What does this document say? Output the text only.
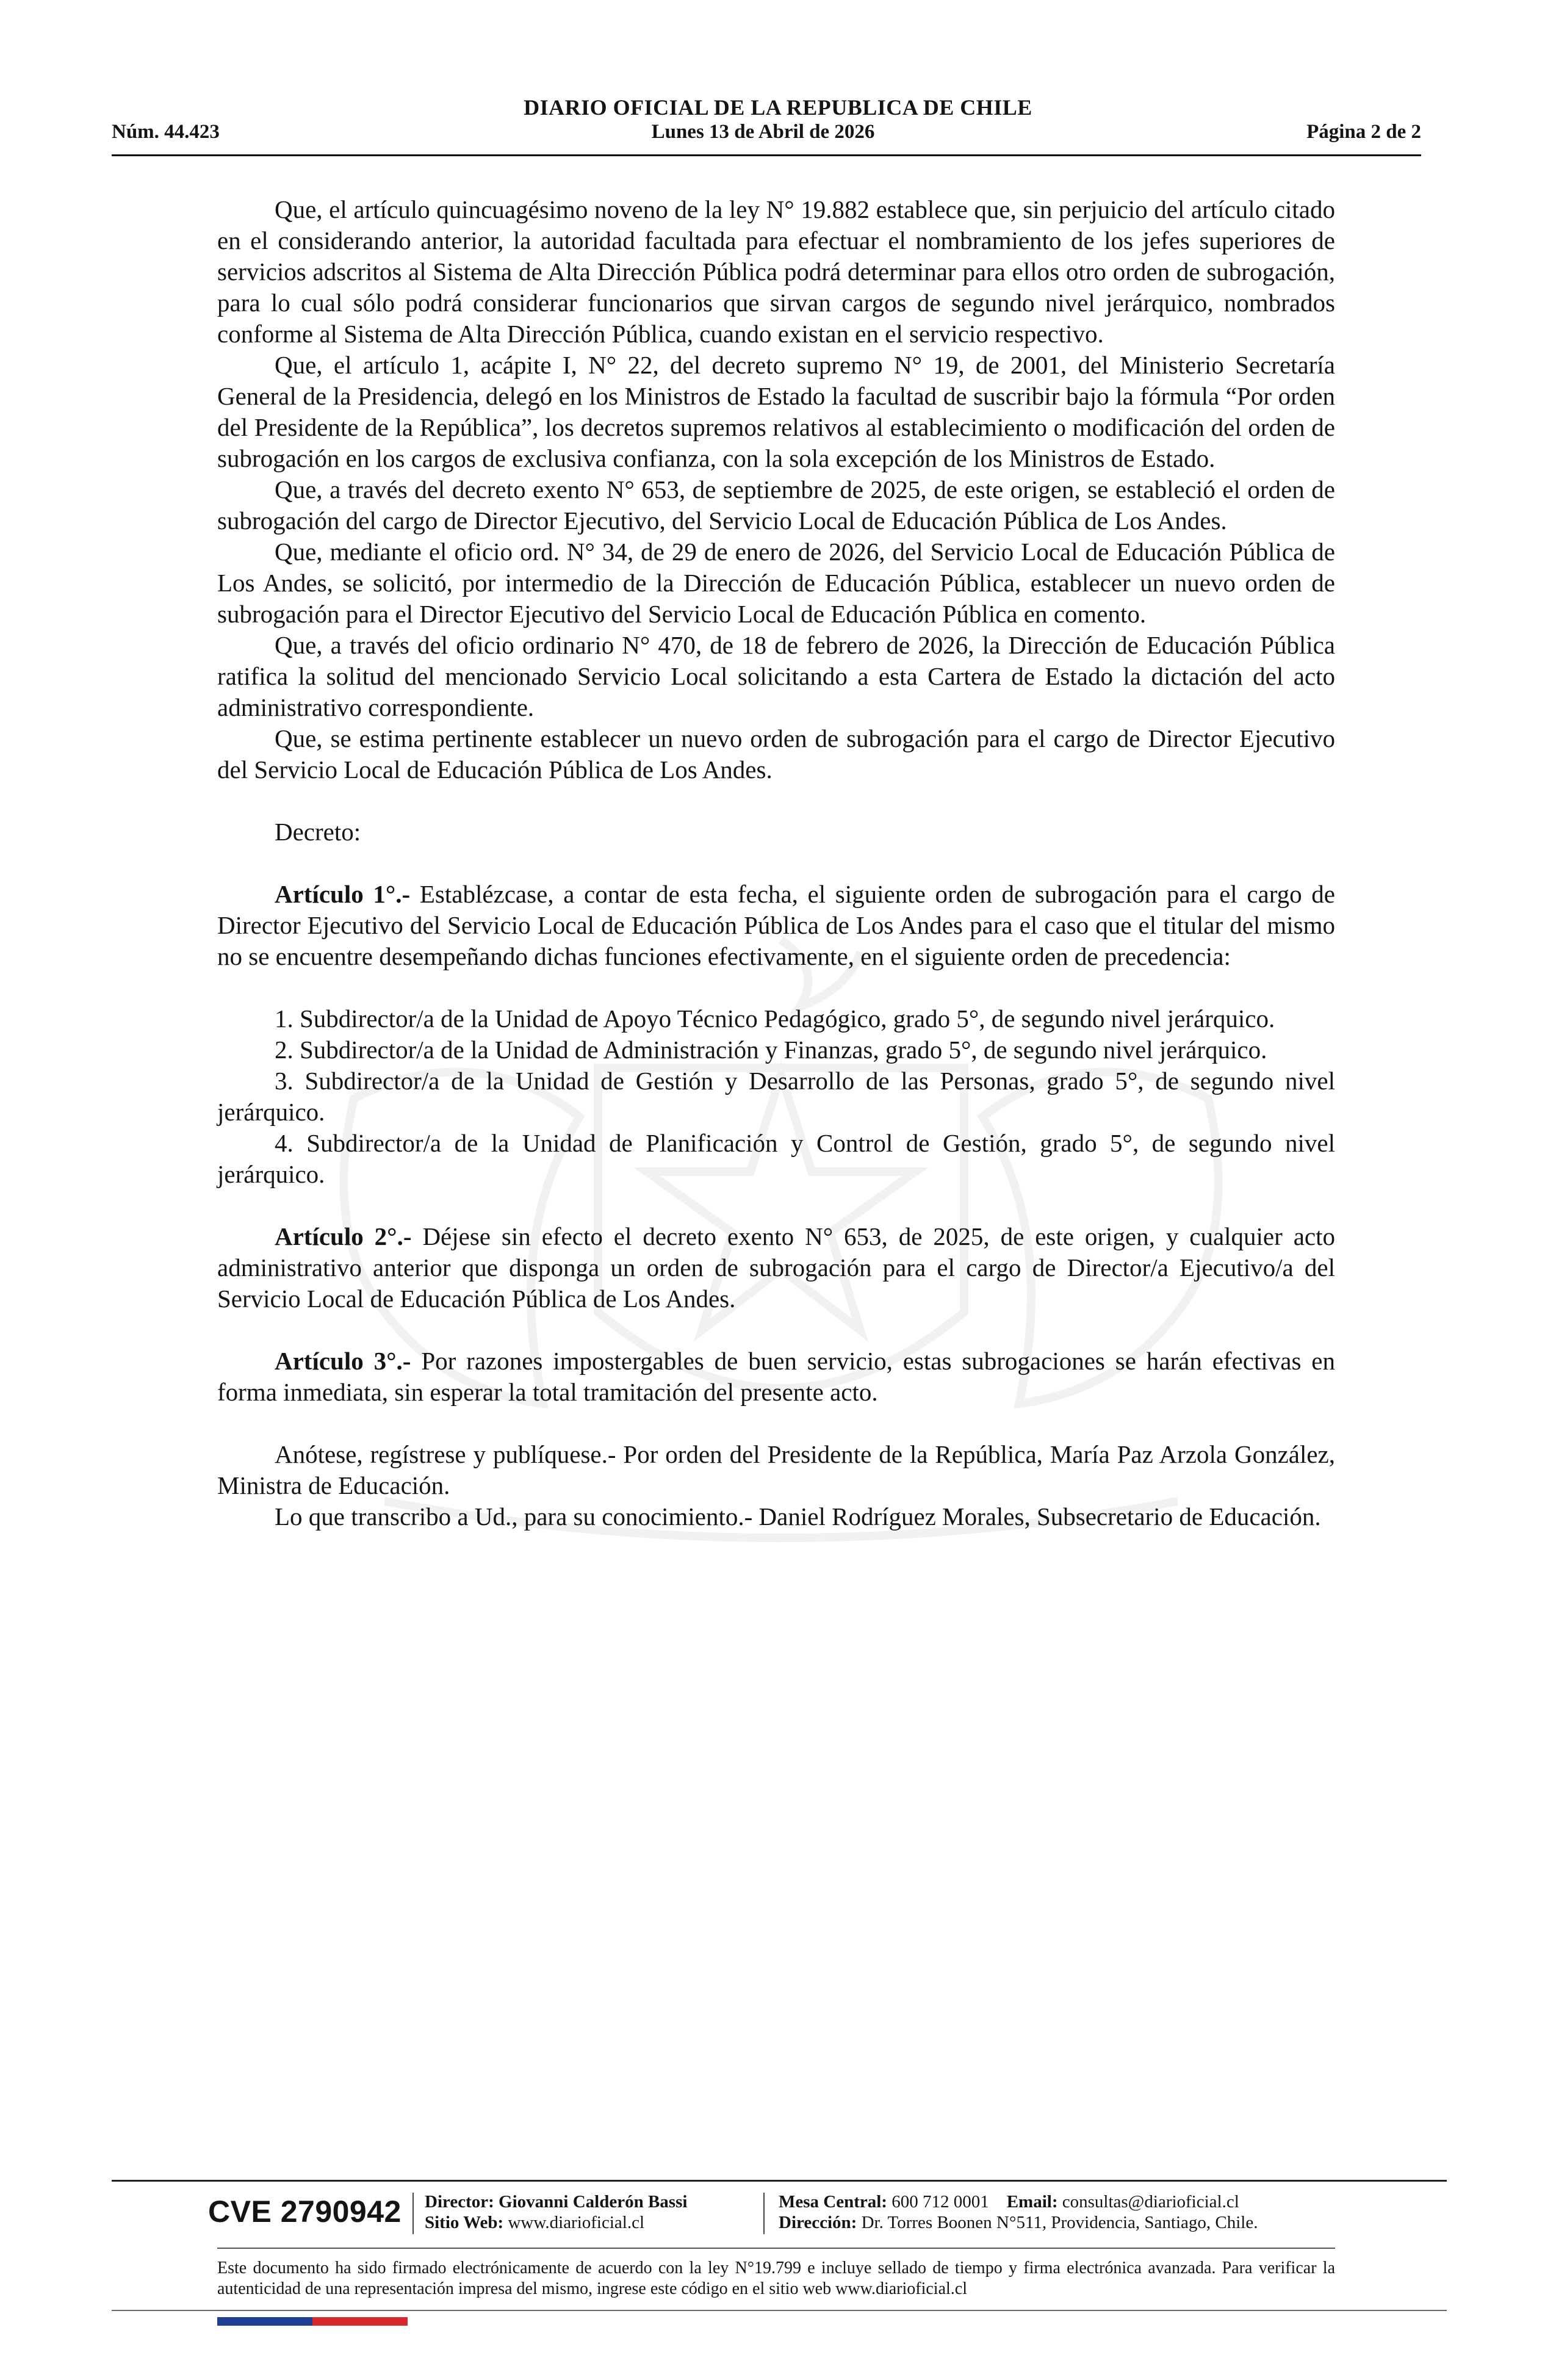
DIARIO OFICIAL DE LA REPUBLICA DE CHILE
Núm. 44.423	Lunes 13 de Abril de 2026	Página 2 de 2

Que, el artículo quincuagésimo noveno de la ley N° 19.882 establece que, sin perjuicio del artículo citado en el considerando anterior, la autoridad facultada para efectuar el nombramiento de los jefes superiores de servicios adscritos al Sistema de Alta Dirección Pública podrá determinar para ellos otro orden de subrogación, para lo cual sólo podrá considerar funcionarios que sirvan cargos de segundo nivel jerárquico, nombrados conforme al Sistema de Alta Dirección Pública, cuando existan en el servicio respectivo.

Que, el artículo 1, acápite I, N° 22, del decreto supremo N° 19, de 2001, del Ministerio Secretaría General de la Presidencia, delegó en los Ministros de Estado la facultad de suscribir bajo la fórmula “Por orden del Presidente de la República”, los decretos supremos relativos al establecimiento o modificación del orden de subrogación en los cargos de exclusiva confianza, con la sola excepción de los Ministros de Estado.

Que, a través del decreto exento N° 653, de septiembre de 2025, de este origen, se estableció el orden de subrogación del cargo de Director Ejecutivo, del Servicio Local de Educación Pública de Los Andes.

Que, mediante el oficio ord. N° 34, de 29 de enero de 2026, del Servicio Local de Educación Pública de Los Andes, se solicitó, por intermedio de la Dirección de Educación Pública, establecer un nuevo orden de subrogación para el Director Ejecutivo del Servicio Local de Educación Pública en comento.

Que, a través del oficio ordinario N° 470, de 18 de febrero de 2026, la Dirección de Educación Pública ratifica la solitud del mencionado Servicio Local solicitando a esta Cartera de Estado la dictación del acto administrativo correspondiente.

Que, se estima pertinente establecer un nuevo orden de subrogación para el cargo de Director Ejecutivo del Servicio Local de Educación Pública de Los Andes.

Decreto:

Artículo 1°.- Establézcase, a contar de esta fecha, el siguiente orden de subrogación para el cargo de Director Ejecutivo del Servicio Local de Educación Pública de Los Andes para el caso que el titular del mismo no se encuentre desempeñando dichas funciones efectivamente, en el siguiente orden de precedencia:

1. Subdirector/a de la Unidad de Apoyo Técnico Pedagógico, grado 5°, de segundo nivel jerárquico.

2. Subdirector/a de la Unidad de Administración y Finanzas, grado 5°, de segundo nivel jerárquico.

3. Subdirector/a de la Unidad de Gestión y Desarrollo de las Personas, grado 5°, de segundo nivel jerárquico.

4. Subdirector/a de la Unidad de Planificación y Control de Gestión, grado 5°, de segundo nivel jerárquico.

Artículo 2°.- Déjese sin efecto el decreto exento N° 653, de 2025, de este origen, y cualquier acto administrativo anterior que disponga un orden de subrogación para el cargo de Director/a Ejecutivo/a del Servicio Local de Educación Pública de Los Andes.

Artículo 3°.- Por razones impostergables de buen servicio, estas subrogaciones se harán efectivas en forma inmediata, sin esperar la total tramitación del presente acto.

Anótese, regístrese y publíquese.- Por orden del Presidente de la República, María Paz Arzola González, Ministra de Educación.

Lo que transcribo a Ud., para su conocimiento.- Daniel Rodríguez Morales, Subsecretario de Educación.

CVE 2790942 Director: Giovanni Calderón Bassi
Sitio Web: www.diarioficial.cl
Mesa Central: 600 712 0001 Email: consultas@diarioficial.cl
Dirección: Dr. Torres Boonen N°511, Providencia, Santiago, Chile.
Este documento ha sido firmado electrónicamente de acuerdo con la ley N°19.799 e incluye sellado de tiempo y firma electrónica avanzada. Para verificar la autenticidad de una representación impresa del mismo, ingrese este código en el sitio web www.diarioficial.cl
